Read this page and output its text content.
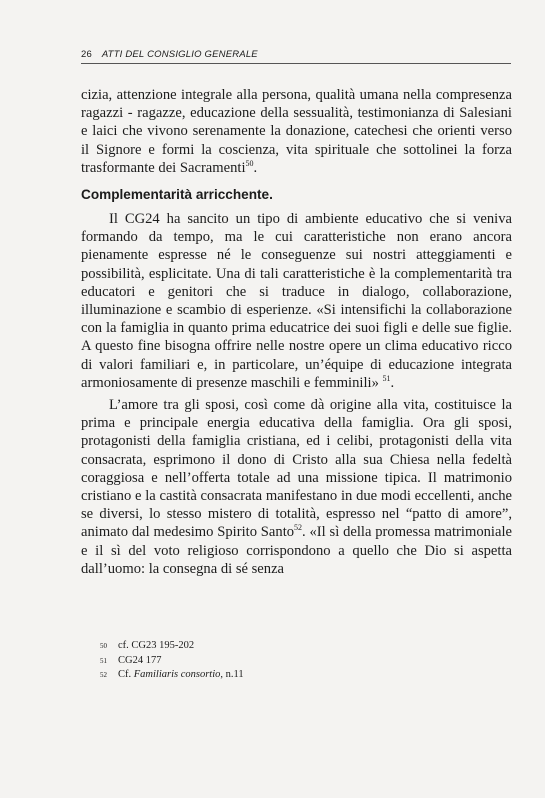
26 ATTI DEL CONSIGLIO GENERALE

cizia, attenzione integrale alla persona, qualità umana nella compresenza ragazzi - ragazze, educazione della sessualità, testimonianza di Salesiani e laici che vivono serenamente la donazione, catechesi che orienti verso il Signore e formi la coscienza, vita spirituale che sottolinei la forza trasformante dei Sacramenti$^{50}$.

Complementarità arricchente.

Il CG24 ha sancito un tipo di ambiente educativo che si veniva formando da tempo, ma le cui caratteristiche non erano ancora pienamente espresse né le conseguenze sui nostri atteggiamenti e possibilità, esplicitate. Una di tali caratteristiche è la complementarità tra educatori e genitori che si traduce in dialogo, collaborazione, illuminazione e scambio di esperienze. «Si intensifichi la collaborazione con la famiglia in quanto prima educatrice dei suoi figli e delle sue figlie. A questo fine bisogna offrire nelle nostre opere un clima educativo ricco di valori familiari e, in particolare, un’équipe di educazione integrata armoniosamente di presenze maschili e femminili» $^{51}$.

L’amore tra gli sposi, così come dà origine alla vita, costituisce la prima e principale energia educativa della famiglia. Ora gli sposi, protagonisti della famiglia cristiana, ed i celibi, protagonisti della vita consacrata, esprimono il dono di Cristo alla sua Chiesa nella fedeltà coraggiosa e nell’offerta totale ad una missione tipica. Il matrimonio cristiano e la castità consacrata manifestano in due modi eccellenti, anche se diversi, lo stesso mistero di totalità, espresso nel “patto di amore”, animato dal medesimo Spirito Santo$^{52}$. «Il sì della promessa matrimoniale e il sì del voto religioso corrispondono a quello che Dio si aspetta dall’uomo: la consegna di sé senza

50	cf. CG23 195-202
51	CG24 177
52	Cf. Familiaris consortio, n.11
